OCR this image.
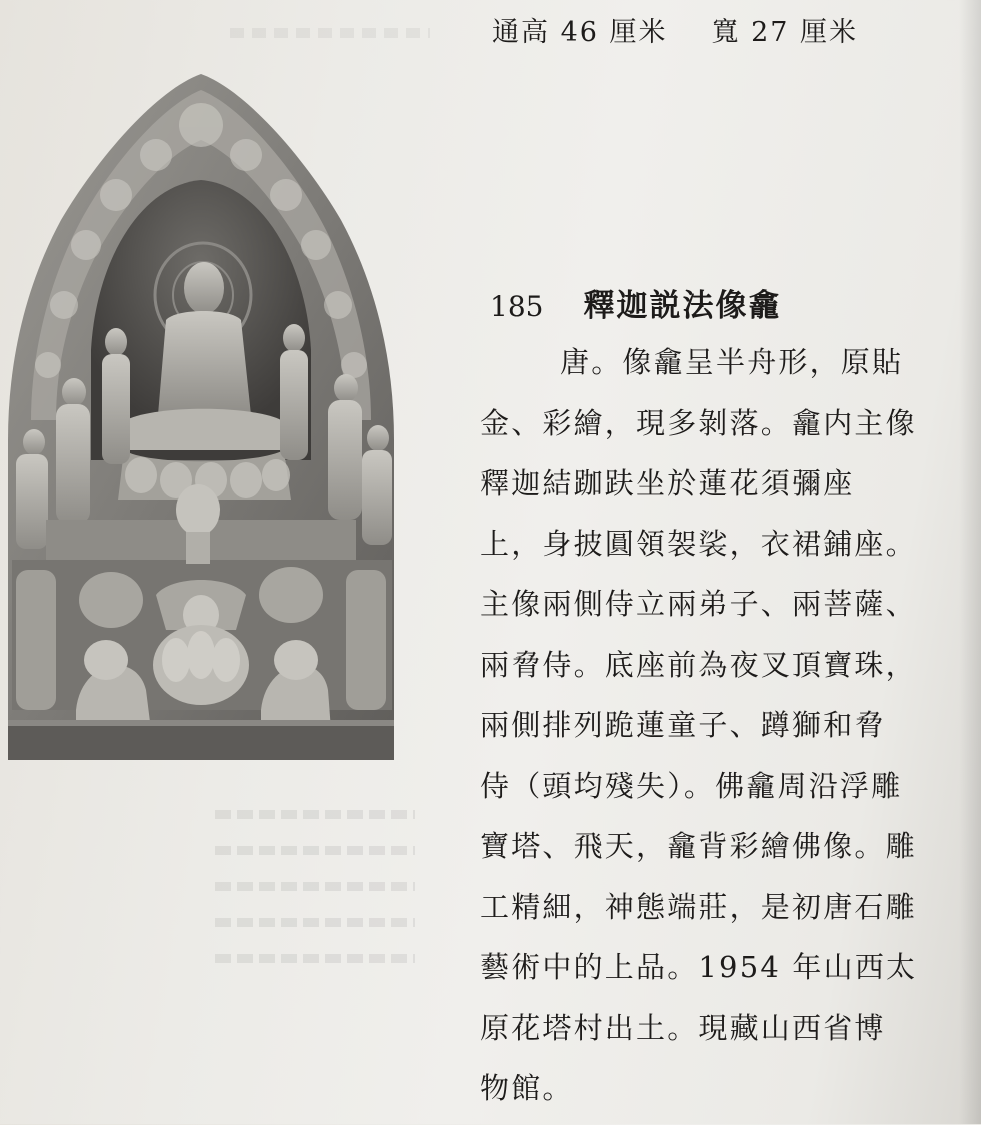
通高 46 厘米 寬 27 厘米
185 釋迦説法像龕
唐。像龕呈半舟形，原貼
金、彩繪，現多剝落。龕内主像
釋迦結跏趺坐於蓮花須彌座
上，身披圓領袈裟，衣裙鋪座。
主像兩側侍立兩弟子、兩菩薩、
兩脅侍。底座前為夜叉頂寶珠，
兩側排列跪蓮童子、蹲獅和脅
侍（頭均殘失）。佛龕周沿浮雕
寶塔、飛天，龕背彩繪佛像。雕
工精細，神態端莊，是初唐石雕
藝術中的上品。1954 年山西太
原花塔村出土。現藏山西省博
物館。
